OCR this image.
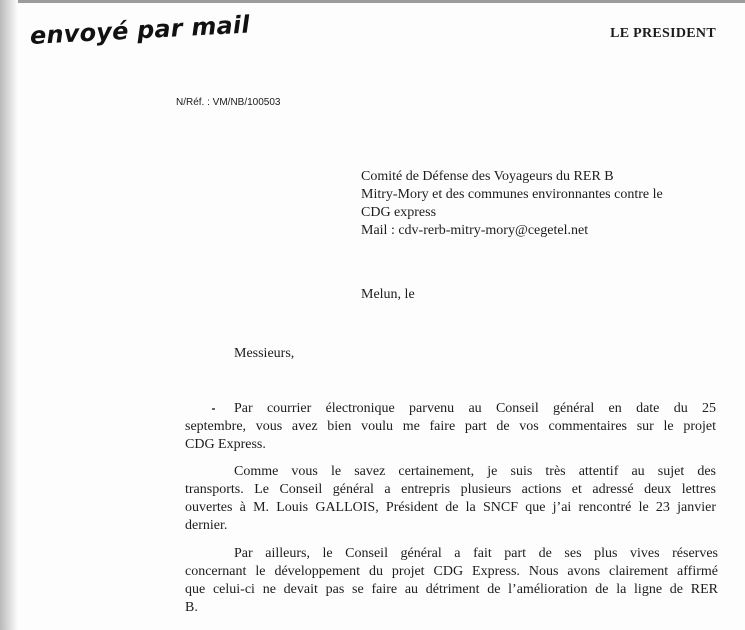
envoyé par mail	LE PRESIDENT
N/Réf. : VM/NB/100503
Comité de Défense des Voyageurs du RER B
Mitry-Mory et des communes environnantes contre le
CDG express
Mail : cdv-rerb-mitry-mory@cegetel.net
Melun, le
Messieurs,
Par courrier électronique parvenu au Conseil général en date du 25
septembre, vous avez bien voulu me faire part de vos commentaires sur le projet
CDG Express.
Comme vous le savez certainement, je suis très attentif au sujet des
transports. Le Conseil général a entrepris plusieurs actions et adressé deux lettres
ouvertes à M. Louis GALLOIS, Président de la SNCF que j’ai rencontré le 23 janvier
dernier.
Par ailleurs, le Conseil général a fait part de ses plus vives réserves
concernant le développement du projet CDG Express. Nous avons clairement affirmé
que celui-ci ne devait pas se faire au détriment de l’amélioration de la ligne de RER
B.
